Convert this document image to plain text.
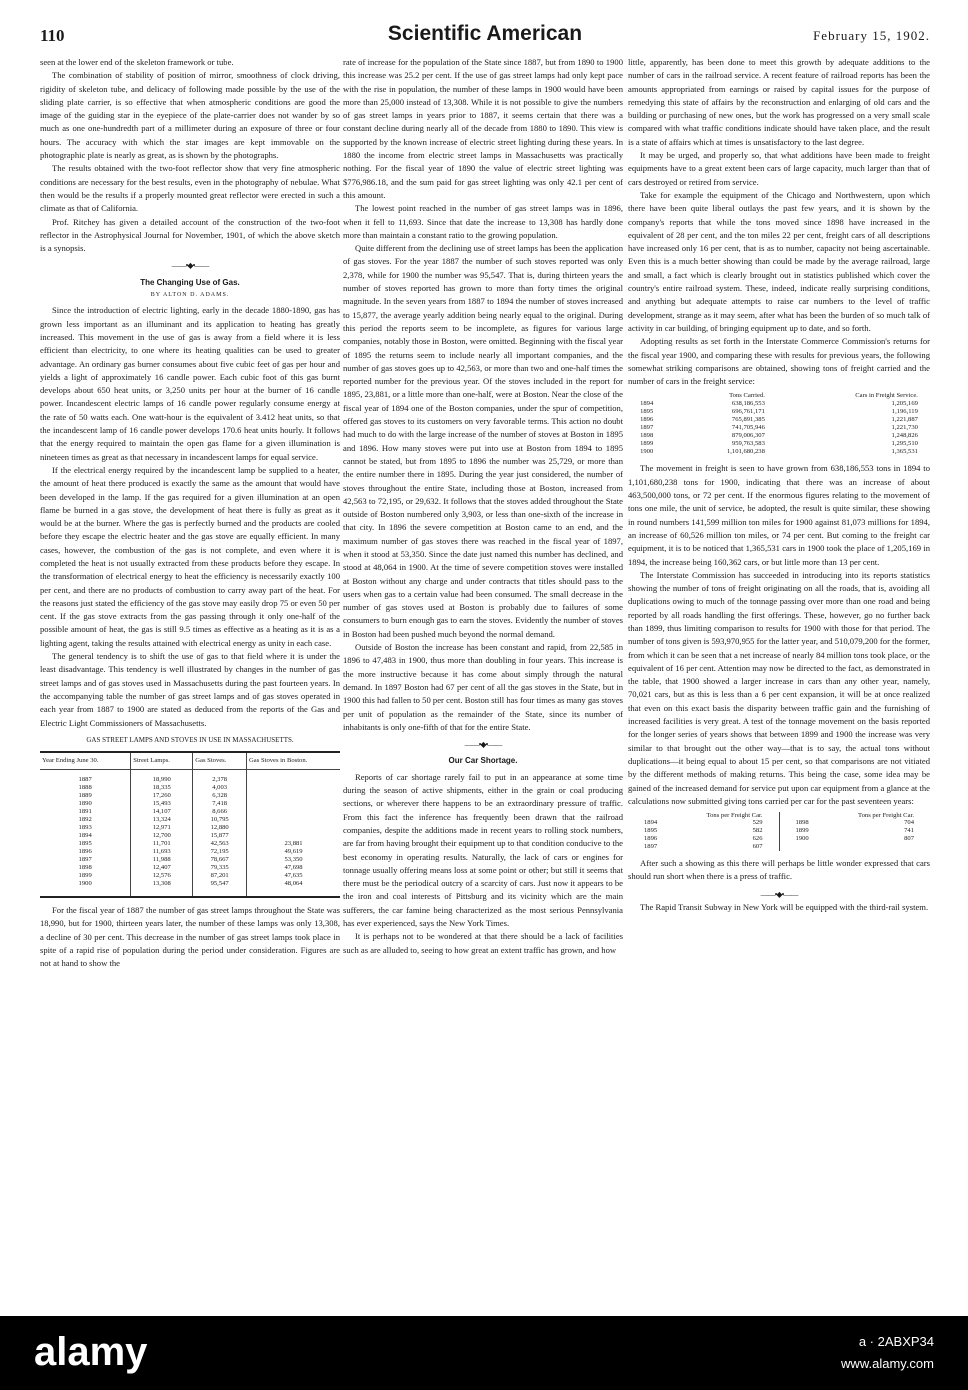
110	Scientific American	February 15, 1902.

seen at the lower end of the skeleton framework or tube.

The combination of stability of position of mirror, smoothness of clock driving, rigidity of skeleton tube, and delicacy of following made possible by the use of the sliding plate carrier, is so effective that when atmospheric conditions are good the image of the guiding star in the eyepiece of the plate-carrier does not wander by so much as one one-hundredth part of a millimeter during an exposure of three or four hours. The accuracy with which the star images are kept immovable on the photographic plate is nearly as great, as is shown by the photographs.

The results obtained with the two-foot reflector show that very fine atmospheric conditions are necessary for the best results, even in the photography of nebulae. What then would be the results if a properly mounted great reflector were erected in such a climate as that of California.

Prof. Ritchey has given a detailed account of the construction of the two-foot reflector in the Astrophysical Journal for November, 1901, of which the above sketch is a synopsis.

——•◆•——
The Changing Use of Gas.
BY ALTON D. ADAMS.

Since the introduction of electric lighting, early in the decade 1880-1890, gas has grown less important as an illuminant and its application to heating has greatly increased. This movement in the use of gas is away from a field where it is less efficient than electricity, to one where its heating qualities can be used to greater advantage. An ordinary gas burner consumes about five cubic feet of gas per hour and yields a light of approximately 16 candle power. Each cubic foot of this gas burnt develops about 650 heat units, or 3,250 units per hour at the burner of 16 candle power. Incandescent electric lamps of 16 candle power regularly consume energy at the rate of 50 watts each. One watt-hour is the equivalent of 3.412 heat units, so that the incandescent lamp of 16 candle power develops 170.6 heat units hourly. It follows that the energy required to maintain the open gas flame for a given illumination is nineteen times as great as that necessary in incandescent lamps for equal service.

If the electrical energy required by the incandescent lamp be supplied to a heater, the amount of heat there produced is exactly the same as the amount that would have been developed in the lamp. If the gas required for a given illumination at an open flame be burned in a gas stove, the development of heat there is fully as great as it would be at the burner. Where the gas is perfectly burned and the products are cooled before they escape the electric heater and the gas stove are equally efficient. In many cases, however, the combustion of the gas is not complete, and even where it is completed the heat is not usually extracted from these products before they escape. In the transformation of electrical energy to heat the efficiency is necessarily exactly 100 per cent, and there are no products of combustion to carry away part of the heat. For the reasons just stated the efficiency of the gas stove may easily drop 75 or even 50 per cent. If the gas stove extracts from the gas passing through it only one-half of the possible amount of heat, the gas is still 9.5 times as effective as a heating as it is as a lighting agent, taking the results attained with electrical energy as unity in each case.

The general tendency is to shift the use of gas to that field where it is under the least disadvantage. This tendency is well illustrated by changes in the number of gas street lamps and of gas stoves used in Massachusetts during the past fourteen years. In the accompanying table the number of gas street lamps and of gas stoves operated in each year from 1887 to 1900 are stated as deduced from the reports of the Gas and Electric Light Commissioners of Massachusetts.

GAS STREET LAMPS AND STOVES IN USE IN MASSACHUSETTS.
Year Ending June 30.	Street Lamps.	Gas Stoves.	Gas Stoves in Boston.
1887	18,990	2,378	
1888	18,335	4,003	
1889	17,260	6,328	
1890	15,493	7,418	
1891	14,107	8,666	
1892	13,324	10,795	
1893	12,971	12,880	
1894	12,700	15,877	
1895	11,701	42,563	23,881
1896	11,693	72,195	49,619
1897	11,988	78,667	53,350
1898	12,407	79,335	47,698
1899	12,576	87,201	47,635
1900	13,308	95,547	48,064

For the fiscal year of 1887 the number of gas street lamps throughout the State was 18,990, but for 1900, thirteen years later, the number of these lamps was only 13,308, a decline of 30 per cent. This decrease in the number of gas street lamps took place in spite of a rapid rise of population during the period under consideration. Figures are not at hand to show the

rate of increase for the population of the State since 1887, but from 1890 to 1900 this increase was 25.2 per cent. If the use of gas street lamps had only kept pace with the rise in population, the number of these lamps in 1900 would have been more than 25,000 instead of 13,308. While it is not possible to give the numbers of gas street lamps in years prior to 1887, it seems certain that there was a constant decline during nearly all of the decade from 1880 to 1890. This view is supported by the known increase of electric street lighting during these years. In 1880 the income from electric street lamps in Massachusetts was practically nothing. For the fiscal year of 1890 the value of electric street lighting was $776,986.18, and the sum paid for gas street lighting was only 42.1 per cent of this amount.

The lowest point reached in the number of gas street lamps was in 1896, when it fell to 11,693. Since that date the increase to 13,308 has hardly done more than maintain a constant ratio to the growing population.

Quite different from the declining use of street lamps has been the application of gas stoves. For the year 1887 the number of such stoves reported was only 2,378, while for 1900 the number was 95,547. That is, during thirteen years the number of stoves reported has grown to more than forty times the original magnitude. In the seven years from 1887 to 1894 the number of stoves increased to 15,877, the average yearly addition being nearly equal to the original. During this period the reports seem to be incomplete, as figures for various large companies, notably those in Boston, were omitted. Beginning with the fiscal year of 1895 the returns seem to include nearly all important companies, and the number of gas stoves goes up to 42,563, or more than two and one-half times the reported number for the previous year. Of the stoves included in the report for 1895, 23,881, or a little more than one-half, were at Boston. Near the close of the fiscal year of 1894 one of the Boston companies, under the spur of competition, offered gas stoves to its customers on very favorable terms. This action no doubt had much to do with the large increase of the number of stoves at Boston in 1895 and 1896. How many stoves were put into use at Boston from 1894 to 1895 cannot be stated, but from 1895 to 1896 the number was 25,729, or more than the entire number there in 1895. During the year just considered, the number of stoves throughout the entire State, including those at Boston, increased from 42,563 to 72,195, or 29,632. It follows that the stoves added throughout the State outside of Boston numbered only 3,903, or less than one-sixth of the increase in that city. In 1896 the severe competition at Boston came to an end, and the maximum number of gas stoves there was reached in the fiscal year of 1897, when it stood at 53,350. Since the date just named this number has declined, and stood at 48,064 in 1900. At the time of severe competition stoves were installed at Boston without any charge and under contracts that titles should pass to the users when gas to a certain value had been consumed. The small decrease in the number of gas stoves used at Boston is probably due to failures of some consumers to burn enough gas to earn the stoves. Evidently the number of stoves in Boston had been pushed much beyond the normal demand.

Outside of Boston the increase has been constant and rapid, from 22,585 in 1896 to 47,483 in 1900, thus more than doubling in four years. This increase is the more instructive because it has come about simply through the natural demand. In 1897 Boston had 67 per cent of all the gas stoves in the State, but in 1900 this had fallen to 50 per cent. Boston still has four times as many gas stoves per unit of population as the remainder of the State, since its number of inhabitants is only one-fifth of that for the entire State.

——•◆•——
Our Car Shortage.

Reports of car shortage rarely fail to put in an appearance at some time during the season of active shipments, either in the grain or coal producing sections, or wherever there happens to be an extraordinary pressure of traffic. From this fact the inference has frequently been drawn that the railroad companies, despite the additions made in recent years to rolling stock numbers, are far from having brought their equipment up to that condition conducive to the best economy in operating results. Naturally, the lack of cars or engines for tonnage usually offering means loss at some point or other; but still it seems that there must be the periodical outcry of a scarcity of cars. Just now it appears to be the iron and coal interests of Pittsburg and its vicinity which are the main sufferers, the car famine being characterized as the most serious Pennsylvania has ever experienced, says the New York Times.

It is perhaps not to be wondered at that there should be a lack of facilities such as are alluded to, seeing to how great an extent traffic has grown, and how

little, apparently, has been done to meet this growth by adequate additions to the number of cars in the railroad service. A recent feature of railroad reports has been the amounts appropriated from earnings or raised by capital issues for the purpose of remedying this state of affairs by the reconstruction and enlarging of old cars and the building or purchasing of new ones, but the work has progressed on a very small scale compared with what traffic conditions indicate should have taken place, and the result is a state of affairs which at times is unsatisfactory to the last degree.

It may be urged, and properly so, that what additions have been made to freight equipments have to a great extent been cars of large capacity, much larger than that of cars destroyed or retired from service.

Take for example the equipment of the Chicago and Northwestern, upon which there have been quite liberal outlays the past few years, and it is shown by the company's reports that while the tons moved since 1898 have increased in the equivalent of 28 per cent, and the ton miles 22 per cent, freight cars of all descriptions have increased only 16 per cent, that is as to number, capacity not being ascertainable. Even this is a much better showing than could be made by the average railroad, large and small, a fact which is clearly brought out in statistics published which cover the country's entire railroad system. These, indeed, indicate really surprising conditions, and anything but adequate attempts to raise car numbers to the level of traffic development, strange as it may seem, after what has been the burden of so much talk of activity in car building, of bringing equipment up to date, and so forth.

Adopting results as set forth in the Interstate Commerce Commission's returns for the fiscal year 1900, and comparing these with results for previous years, the following somewhat striking comparisons are obtained, showing tons of freight carried and the number of cars in the freight service:

	Tons Carried.	Cars in Freight Service.
1894	638,186,553	1,205,169
1895	696,761,171	1,196,119
1896	765,891,385	1,221,887
1897	741,705,946	1,221,730
1898	879,006,307	1,248,826
1899	959,763,583	1,295,510
1900	1,101,680,238	1,365,531

The movement in freight is seen to have grown from 638,186,553 tons in 1894 to 1,101,680,238 tons for 1900, indicating that there was an increase of about 463,500,000 tons, or 72 per cent. If the enormous figures relating to the movement of tons one mile, the unit of service, be adopted, the result is quite similar, these showing in round numbers 141,599 million ton miles for 1900 against 81,073 millions for 1894, an increase of 60,526 million ton miles, or 74 per cent. But coming to the freight car equipment, it is to be noticed that 1,365,531 cars in 1900 took the place of 1,205,169 in 1894, the increase being 160,362 cars, or but little more than 13 per cent.

The Interstate Commission has succeeded in introducing into its reports statistics showing the number of tons of freight originating on all the roads, that is, avoiding all duplications owing to much of the tonnage passing over more than one road and being reported by all roads handling the first offerings. These, however, go no further back than 1899, thus limiting comparison to results for 1900 with those for that period. The number of tons given is 593,970,955 for the latter year, and 510,079,200 for the former, from which it can be seen that a net increase of nearly 84 million tons took place, or the equivalent of 16 per cent. Attention may now be directed to the fact, as demonstrated in the table, that 1900 showed a larger increase in cars than any other year, namely, 70,021 cars, but as this is less than a 6 per cent expansion, it will be at once realized that even on this exact basis the disparity between traffic gain and the furnishing of increased facilities is very great. A test of the tonnage movement on the basis reported for the longer series of years shows that between 1899 and 1900 the increase was very similar to that brought out the other way—that is to say, the actual tons without duplications—it being equal to about 15 per cent, so that comparisons are not vitiated by the different methods of making returns. This being the case, some idea may be gained of the increased demand for service put upon car equipment from a glance at the calculations now submitted giving tons carried per car for the past seventeen years:

Tons per Freight Car.
1894	529
1895	582
1896	626
1897	607
Tons per Freight Car.
1898	704
1899	741
1900	807

After such a showing as this there will perhaps be little wonder expressed that cars should run short when there is a press of traffic.

——•◆•——

The Rapid Transit Subway in New York will be equipped with the third-rail system.

alamy	a · 2ABXP34
www.alamy.com
